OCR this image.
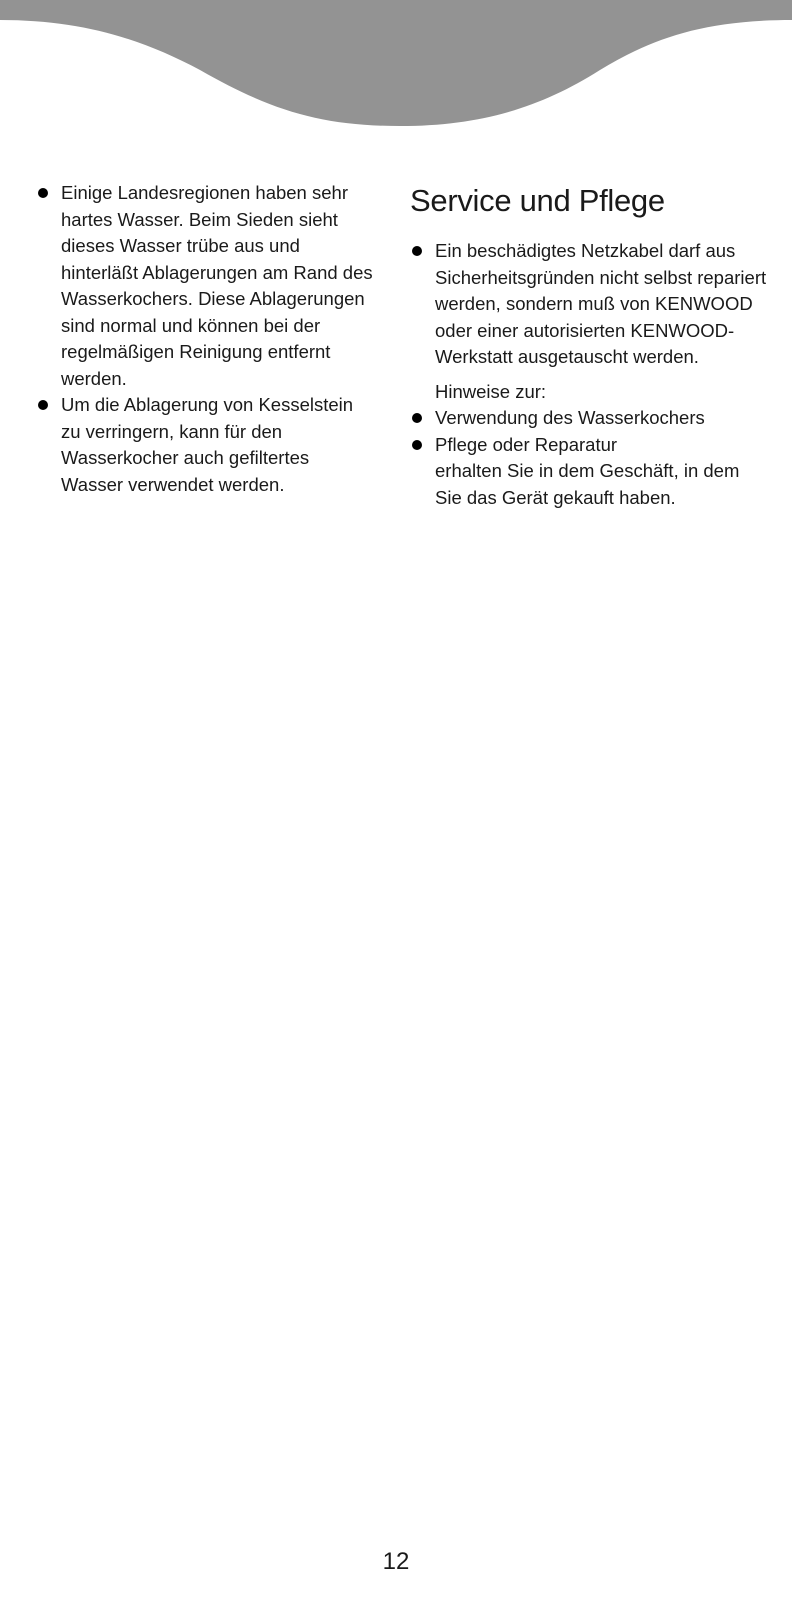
Einige Landesregionen haben sehr hartes Wasser. Beim Sieden sieht dieses Wasser trübe aus und hinterläßt Ablagerungen am Rand des Wasserkochers. Diese Ablagerungen sind normal und können bei der regelmäßigen Reinigung entfernt werden.
Um die Ablagerung von Kesselstein zu verringern, kann für den Wasserkocher auch gefiltertes Wasser verwendet werden.
Service und Pflege
Ein beschädigtes Netzkabel darf aus Sicherheitsgründen nicht selbst repariert werden, sondern muß von KENWOOD oder einer autorisierten KENWOOD-Werkstatt ausgetauscht werden.
Hinweise zur:
Verwendung des Wasserkochers
Pflege oder Reparatur
erhalten Sie in dem Geschäft, in dem Sie das Gerät gekauft haben.
12
